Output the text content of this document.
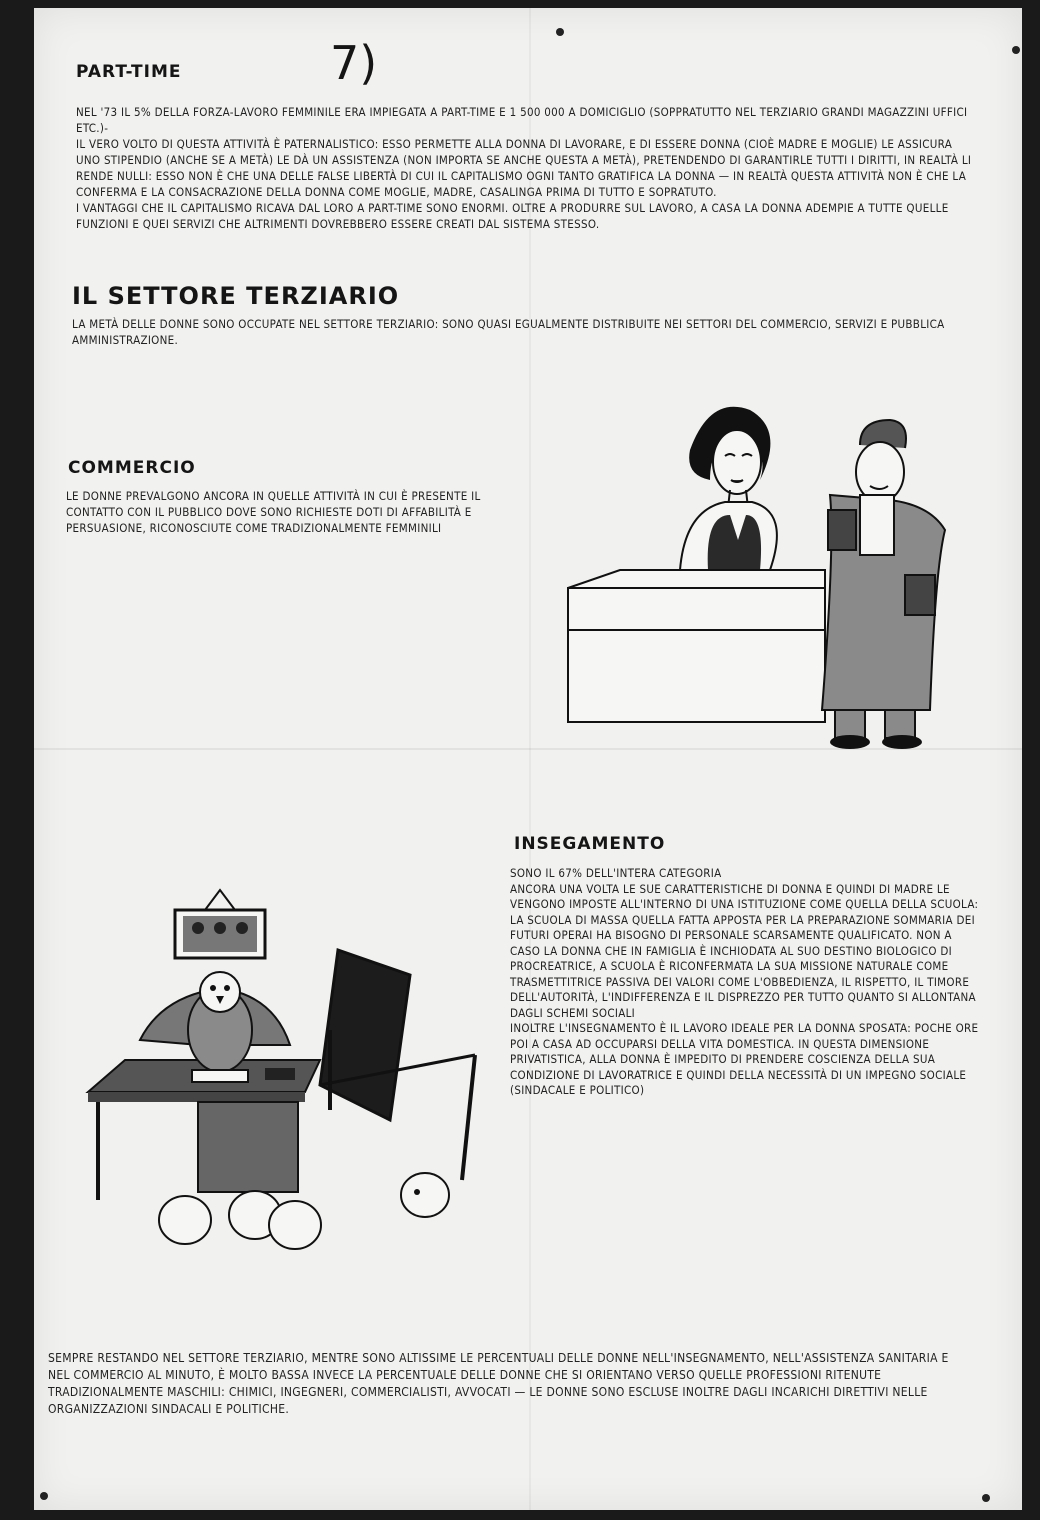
PART-TIME	7)

NEL '73 IL 5% DELLA FORZA-LAVORO FEMMINILE ERA IMPIEGATA A PART-TIME E 1 500 000 A DOMICIGLIO (SOPPRATUTTO NEL TERZIARIO GRANDI MAGAZZINI UFFICI ETC.)-
IL VERO VOLTO DI QUESTA ATTIVITÀ È PATERNALISTICO: ESSO PERMETTE ALLA DONNA DI LAVORARE, E DI ESSERE DONNA (CIOÈ MADRE E MOGLIE) LE ASSICURA UNO STIPENDIO (ANCHE SE A METÀ) LE DÀ UN ASSISTENZA (NON IMPORTA SE ANCHE QUESTA A METÀ), PRETENDENDO DI GARANTIRLE TUTTI I DIRITTI, IN REALTÀ LI RENDE NULLI: ESSO NON È CHE UNA DELLE FALSE LIBERTÀ DI CUI IL CAPITALISMO OGNI TANTO GRATIFICA LA DONNA — IN REALTÀ QUESTA ATTIVITÀ NON È CHE LA CONFERMA E LA CONSACRAZIONE DELLA DONNA COME MOGLIE, MADRE, CASALINGA PRIMA DI TUTTO E SOPRATUTO.
I VANTAGGI CHE IL CAPITALISMO RICAVA DAL LORO A PART-TIME SONO ENORMI. OLTRE A PRODURRE SUL LAVORO, A CASA LA DONNA ADEMPIE A TUTTE QUELLE FUNZIONI E QUEI SERVIZI CHE ALTRIMENTI DOVREBBERO ESSERE CREATI DAL SISTEMA STESSO.

IL SETTORE TERZIARIO

LA METÀ DELLE DONNE SONO OCCUPATE NEL SETTORE TERZIARIO: SONO QUASI EGUALMENTE DISTRIBUITE NEI SETTORI DEL COMMERCIO, SERVIZI E PUBBLICA AMMINISTRAZIONE.

COMMERCIO

LE DONNE PREVALGONO ANCORA IN QUELLE ATTIVITÀ IN CUI È PRESENTE IL CONTATTO CON IL PUBBLICO DOVE SONO RICHIESTE DOTI DI AFFABILITÀ E PERSUASIONE, RICONOSCIUTE COME TRADIZIONALMENTE FEMMINILI

INSEGAMENTO

SONO IL 67% DELL'INTERA CATEGORIA
ANCORA UNA VOLTA LE SUE CARATTERISTICHE DI DONNA E QUINDI DI MADRE LE VENGONO IMPOSTE ALL'INTERNO DI UNA ISTITUZIONE COME QUELLA DELLA SCUOLA: LA SCUOLA DI MASSA QUELLA FATTA APPOSTA PER LA PREPARAZIONE SOMMARIA DEI FUTURI OPERAI HA BISOGNO DI PERSONALE SCARSAMENTE QUALIFICATO. NON A CASO LA DONNA CHE IN FAMIGLIA È INCHIODATA AL SUO DESTINO BIOLOGICO DI PROCREATRICE, A SCUOLA È RICONFERMATA LA SUA MISSIONE NATURALE COME TRASMETTITRICE PASSIVA DEI VALORI COME L'OBBEDIENZA, IL RISPETTO, IL TIMORE DELL'AUTORITÀ, L'INDIFFERENZA E IL DISPREZZO PER TUTTO QUANTO SI ALLONTANA DAGLI SCHEMI SOCIALI
INOLTRE L'INSEGNAMENTO È IL LAVORO IDEALE PER LA DONNA SPOSATA: POCHE ORE POI A CASA AD OCCUPARSI DELLA VITA DOMESTICA. IN QUESTA DIMENSIONE PRIVATISTICA, ALLA DONNA È IMPEDITO DI PRENDERE COSCIENZA DELLA SUA CONDIZIONE DI LAVORATRICE E QUINDI DELLA NECESSITÀ DI UN IMPEGNO SOCIALE (SINDACALE E POLITICO)

SEMPRE RESTANDO NEL SETTORE TERZIARIO, MENTRE SONO ALTISSIME LE PERCENTUALI DELLE DONNE NELL'INSEGNAMENTO, NELL'ASSISTENZA SANITARIA E NEL COMMERCIO AL MINUTO, È MOLTO BASSA INVECE LA PERCENTUALE DELLE DONNE CHE SI ORIENTANO VERSO QUELLE PROFESSIONI RITENUTE TRADIZIONALMENTE MASCHILI: CHIMICI, INGEGNERI, COMMERCIALISTI, AVVOCATI — LE DONNE SONO ESCLUSE INOLTRE DAGLI INCARICHI DIRETTIVI NELLE ORGANIZZAZIONI SINDACALI E POLITICHE.
